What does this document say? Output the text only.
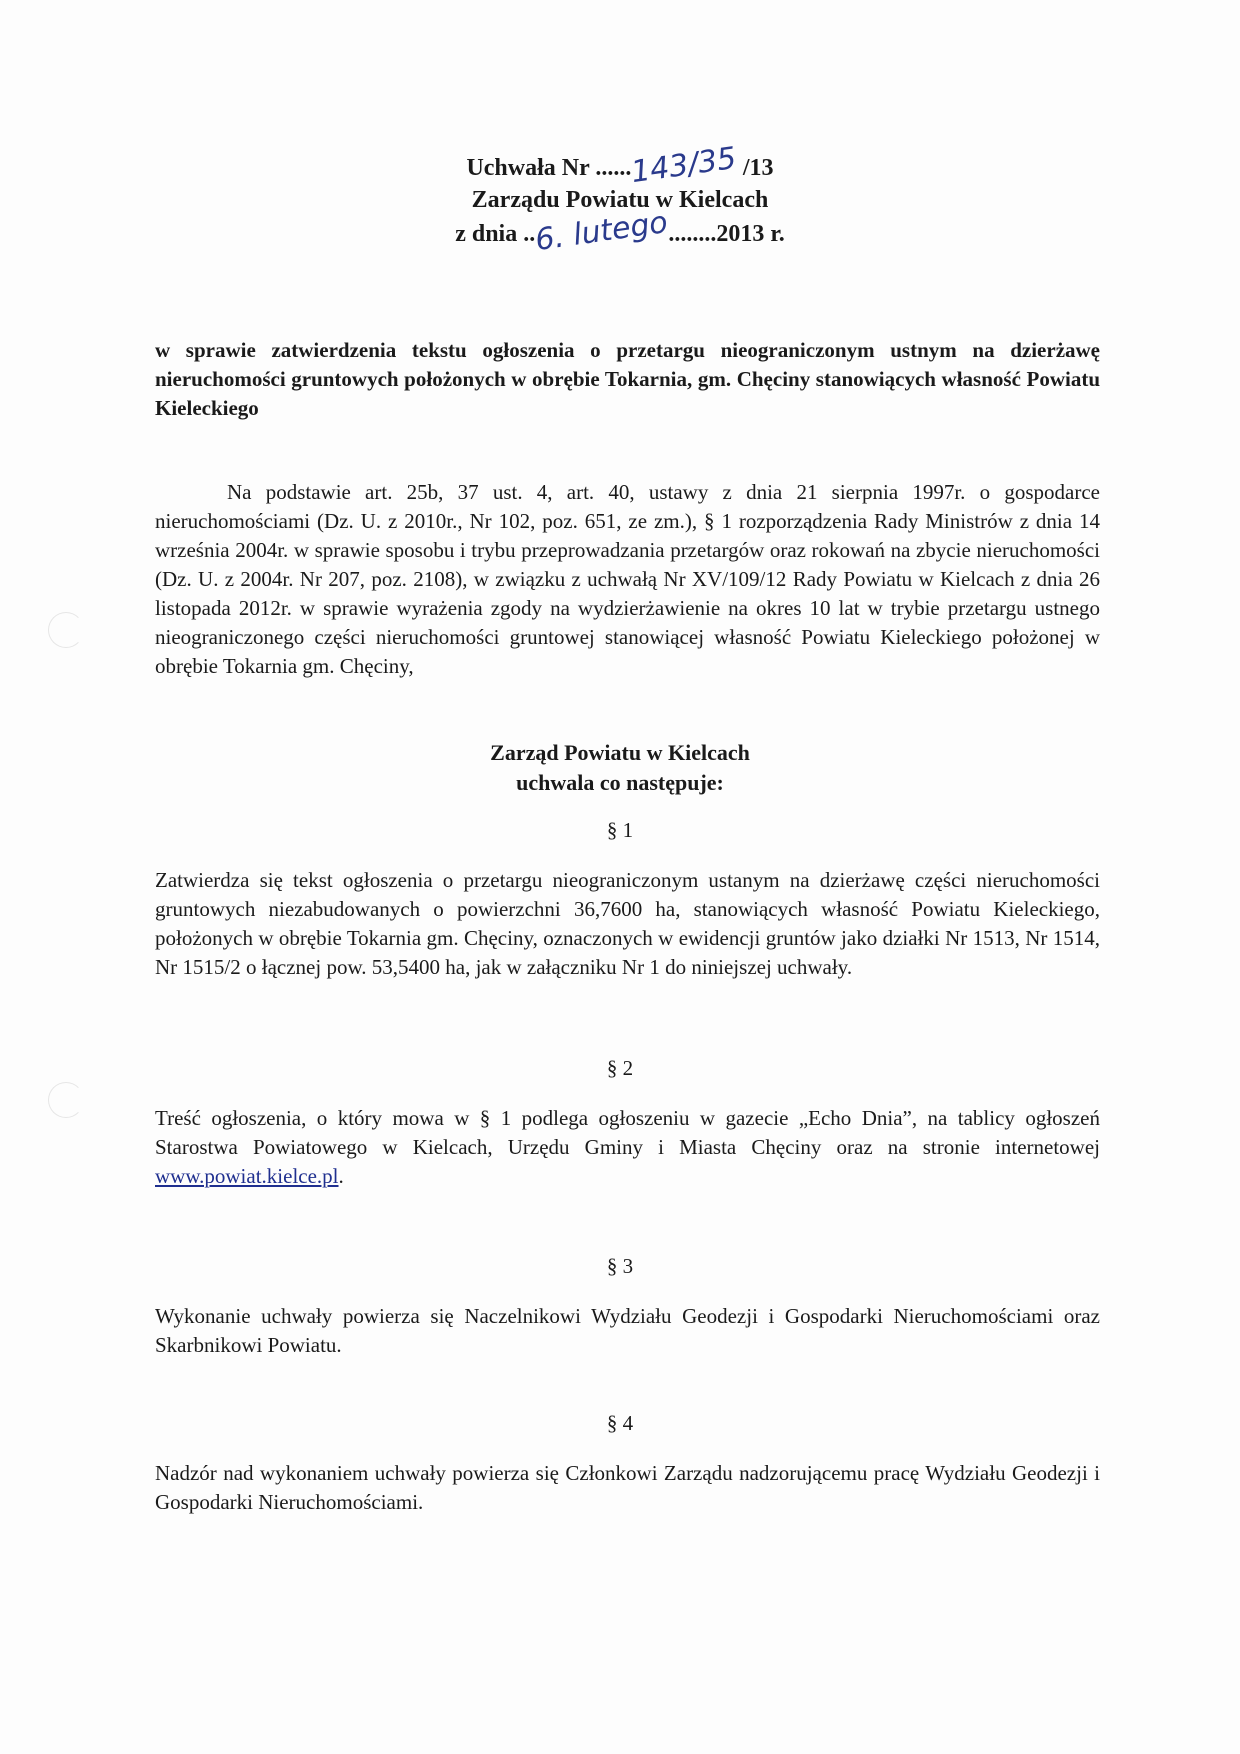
Uchwała Nr ......143/35 /13
Zarządu Powiatu w Kielcach
z dnia ..6. lutego........2013 r.
w sprawie zatwierdzenia tekstu ogłoszenia o przetargu nieograniczonym ustnym na dzierżawę nieruchomości gruntowych położonych w obrębie Tokarnia, gm. Chęciny stanowiących własność Powiatu Kieleckiego
Na podstawie art. 25b, 37 ust. 4, art. 40, ustawy z dnia 21 sierpnia 1997r. o gospodarce nieruchomościami (Dz. U. z 2010r., Nr 102, poz. 651, ze zm.), § 1 rozporządzenia Rady Ministrów z dnia 14 września 2004r. w sprawie sposobu i trybu przeprowadzania przetargów oraz rokowań na zbycie nieruchomości (Dz. U. z 2004r. Nr 207, poz. 2108), w związku z uchwałą Nr XV/109/12 Rady Powiatu w Kielcach z dnia 26 listopada 2012r. w sprawie wyrażenia zgody na wydzierżawienie na okres 10 lat w trybie przetargu ustnego nieograniczonego części nieruchomości gruntowej stanowiącej własność Powiatu Kieleckiego położonej w obrębie Tokarnia gm. Chęciny,
Zarząd Powiatu w Kielcach
uchwala co następuje:
§ 1
Zatwierdza się tekst ogłoszenia o przetargu nieograniczonym ustanym na dzierżawę części nieruchomości gruntowych niezabudowanych o powierzchni 36,7600 ha, stanowiących własność Powiatu Kieleckiego, położonych w obrębie Tokarnia gm. Chęciny, oznaczonych w ewidencji gruntów jako działki Nr 1513, Nr 1514, Nr 1515/2 o łącznej pow. 53,5400 ha, jak w załączniku Nr 1 do niniejszej uchwały.
§ 2
Treść ogłoszenia, o który mowa w § 1 podlega ogłoszeniu w gazecie „Echo Dnia”, na tablicy ogłoszeń Starostwa Powiatowego w Kielcach, Urzędu Gminy i Miasta Chęciny oraz na stronie internetowej www.powiat.kielce.pl.
§ 3
Wykonanie uchwały powierza się Naczelnikowi Wydziału Geodezji i Gospodarki Nieruchomościami oraz Skarbnikowi Powiatu.
§ 4
Nadzór nad wykonaniem uchwały powierza się Członkowi Zarządu nadzorującemu pracę Wydziału Geodezji i Gospodarki Nieruchomościami.
